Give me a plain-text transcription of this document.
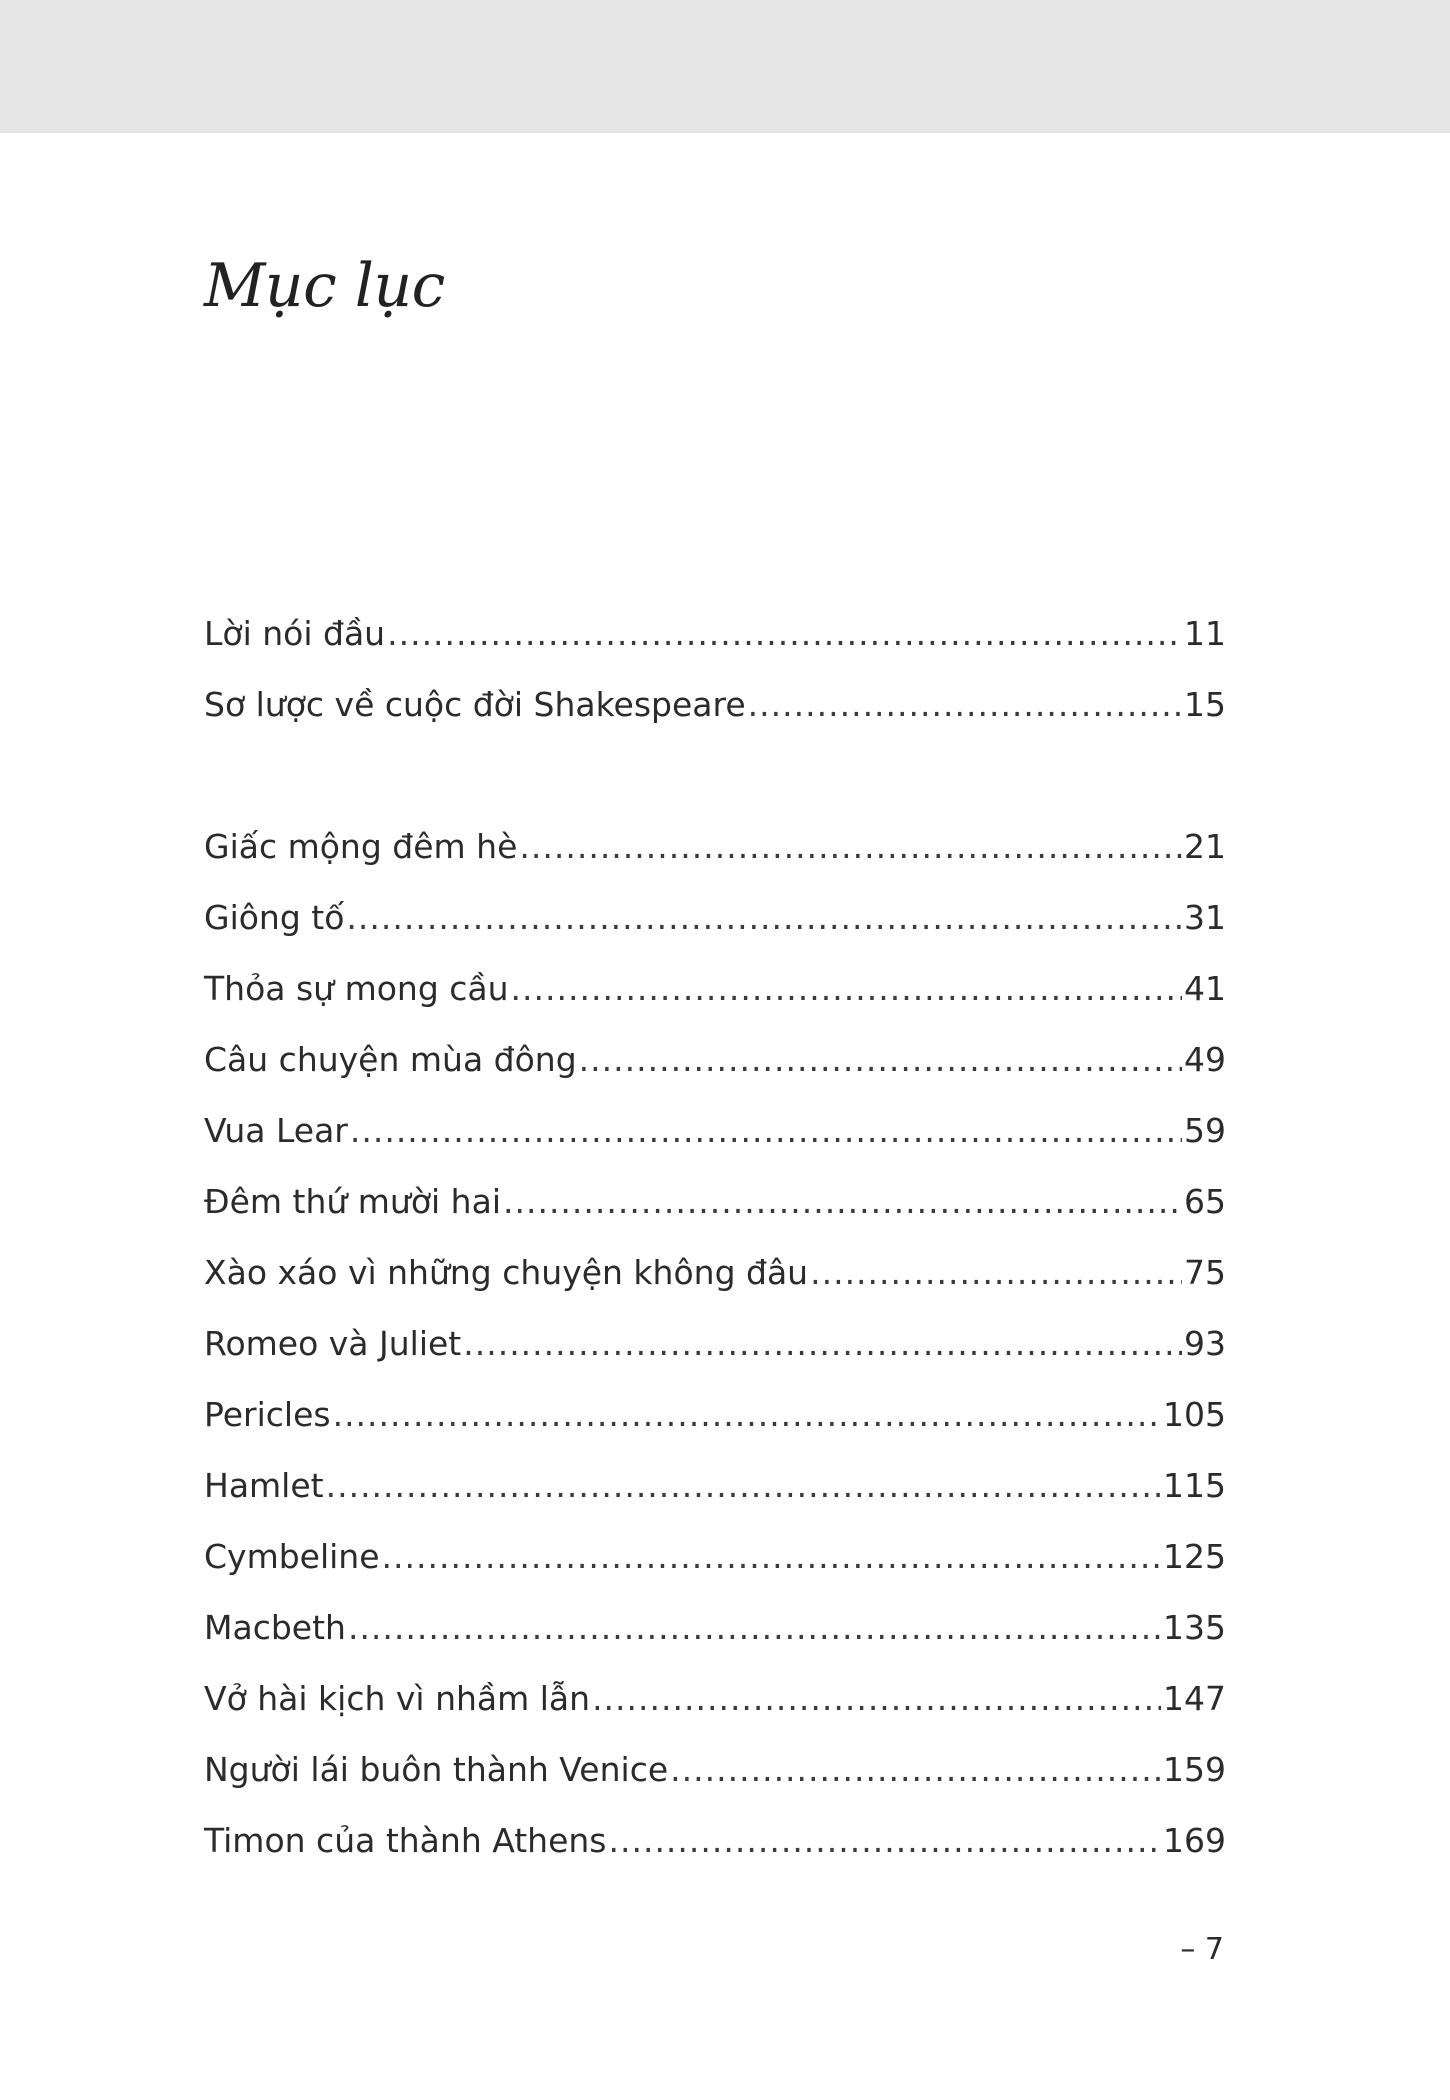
Mục lục
Lời nói đầu .....	11
Sơ lược về cuộc đời Shakespeare .....	15
Giấc mộng đêm hè .....	21
Giông tố .....	31
Thỏa sự mong cầu .....	41
Câu chuyện mùa đông .....	49
Vua Lear .....	59
Đêm thứ mười hai .....	65
Xào xáo vì những chuyện không đâu .....	75
Romeo và Juliet .....	93
Pericles .....	105
Hamlet .....	115
Cymbeline .....	125
Macbeth .....	135
Vở hài kịch vì nhầm lẫn .....	147
Người lái buôn thành Venice .....	159
Timon của thành Athens .....	169
– 7
